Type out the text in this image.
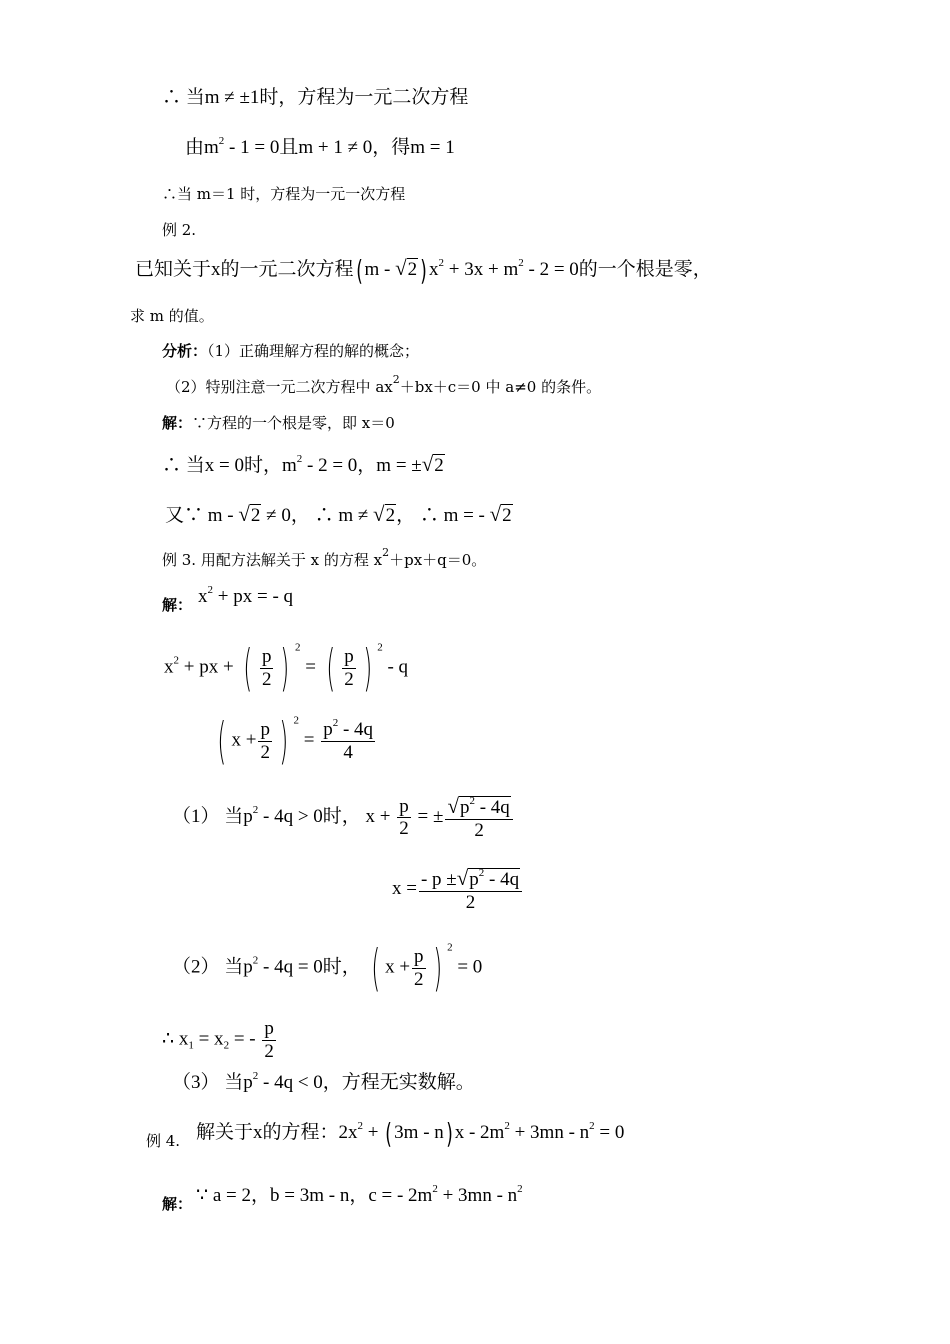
∴ 当m ≠ ±1时，方程为一元二次方程
由$m^2 - 1 = 0$且m + 1 ≠ 0，得m = 1
∴当 m＝1 时，方程为一元一次方程
例 2.
已知关于x的一元二次方程( m - √2 ) $x^2 + 3x + m^2 - 2 = 0$的一个根是零，
求 m 的值。
分析：（1）正确理解方程的解的概念；
（2）特别注意一元二次方程中 $ax^2+bx+c=0$ 中 a≠0 的条件。
解：∵方程的一个根是零，即 x＝0
∴ 当x = 0时，$m^2 - 2 = 0$，m = ±√2
又∵ m - √2 ≠ 0， ∴ m ≠ √2， ∴ m = - √2
例 3. 用配方法解关于 x 的方程 $x^2+px+q=0$。
解： $x^2$ + px = - q
$x^2$ + px + ( $\frac{p}{2}$ ) $^2$ = ( $\frac{p}{2}$ ) $^2$ - q
( $x + \frac{p}{2}$ ) $^2 = \frac{p^2 - 4q}{4}$
（1） 当$p^2 - 4q > 0$时， $x + \frac{p}{2}$ = ± $\frac{√p^2 - 4q}{2}$
$x = \frac{- p \pm√p^2 - 4q}{2}$
（2） 当$p^2 - 4q = 0$时， ( $x + \frac{p}{2}$ ) $^2$ = 0
∴ $x_1 = x_2$ = - $\frac{p}{2}$
（3） 当$p^2 - 4q < 0$，方程无实数解。
例 4. 解关于x的方程：$2x^2$ + ( 3m - n) $x - 2m^2 + 3mn - n^2 = 0$
解： ∵ a = 2，b = 3m - n，c = - $2m^2 + 3mn - n^2$
